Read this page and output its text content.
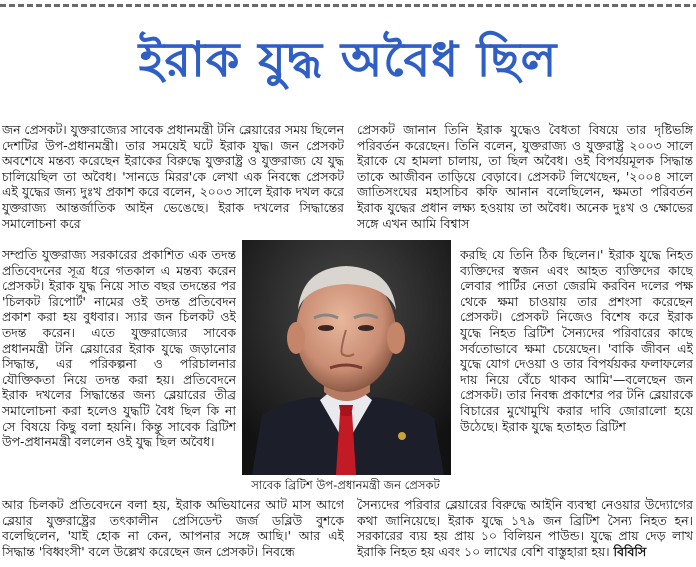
ইরাক যুদ্ধ অবৈধ ছিল

জন প্রেসকট। যুক্তরাজ্যের সাবেক প্রধানমন্ত্রী টনি ব্লেয়ারের সময় ছিলেন দেশটির উপ-প্রধানমন্ত্রী। তার সময়েই ঘটে ইরাক যুদ্ধ। জন প্রেসকট অবশেষে মন্তব্য করেছেন ইরাকের বিরুদ্ধে যুক্তরাষ্ট্র ও যুক্তরাজ্য যে যুদ্ধ চালিয়েছিল তা অবৈধ। 'সানডে মিরর'কে লেখা এক নিবন্ধে প্রেসকট এই যুদ্ধের জন্য দুঃখ প্রকাশ করে বলেন, ২০০৩ সালে ইরাক দখল করে যুক্তরাজ্য আন্তর্জাতিক আইন ভেঙেছে। ইরাক দখলের সিদ্ধান্তের সমালোচনা করে

সম্প্রতি যুক্তরাজ্য সরকারের প্রকাশিত এক তদন্ত প্রতিবেদনের সূত্র ধরে গতকাল এ মন্তব্য করেন প্রেসকট। ইরাক যুদ্ধ নিয়ে সাত বছর তদন্তের পর 'চিলকট রিপোর্ট' নামের ওই তদন্ত প্রতিবেদন প্রকাশ করা হয় বুধবার। স্যার জন চিলকট ওই তদন্ত করেন। এতে যুক্তরাজ্যের সাবেক প্রধানমন্ত্রী টনি ব্লেয়ারের ইরাক যুদ্ধে জড়ানোর সিদ্ধান্ত, এর পরিকল্পনা ও পরিচালনার যৌক্তিকতা নিয়ে তদন্ত করা হয়। প্রতিবেদনে ইরাক দখলের সিদ্ধান্তের জন্য ব্লেয়ারের তীব্র সমালোচনা করা হলেও যুদ্ধটি বৈধ ছিল কি না সে বিষয়ে কিছু বলা হয়নি। কিন্তু সাবেক ব্রিটিশ উপ-প্রধানমন্ত্রী বললেন ওই যুদ্ধ ছিল অবৈধ।

আর চিলকট প্রতিবেদনে বলা হয়, ইরাক অভিযানের আট মাস আগে ব্লেয়ার যুক্তরাষ্ট্রের তৎকালীন প্রেসিডেন্ট জর্জ ডব্লিউ বুশকে বলেছিলেন, 'যাই হোক না কেন, আপনার সঙ্গে আছি।' আর এই সিদ্ধান্ত 'বিধ্বংসী' বলে উল্লেখ করেছেন জন প্রেসকট। নিবন্ধে

প্রেসকট জানান তিনি ইরাক যুদ্ধেও বৈধতা বিষয়ে তার দৃষ্টিভঙ্গি পরিবর্তন করেছেন। তিনি বলেন, যুক্তরাজ্য ও যুক্তরাষ্ট্র ২০০৩ সালে ইরাকে যে হামলা চালায়, তা ছিল অবৈধ। ওই বিপর্যয়মূলক সিদ্ধান্ত তাকে আজীবন তাড়িয়ে বেড়াবে। প্রেসকট লিখেছেন, '২০০৪ সালে জাতিসংঘের মহাসচিব কফি আনান বলেছিলেন, ক্ষমতা পরিবর্তন ইরাক যুদ্ধের প্রধান লক্ষ্য হওয়ায় তা অবৈধ। অনেক দুঃখ ও ক্ষোভের সঙ্গে এখন আমি বিশ্বাস

করছি যে তিনি ঠিক ছিলেন।' ইরাক যুদ্ধে নিহত ব্যক্তিদের স্বজন এবং আহত ব্যক্তিদের কাছে লেবার পার্টির নেতা জেরমি করবিন দলের পক্ষ থেকে ক্ষমা চাওয়ায় তার প্রশংসা করেছেন প্রেসকট। প্রেসকট নিজেও বিশেষ করে ইরাক যুদ্ধে নিহত ব্রিটিশ সৈন্যদের পরিবারের কাছে সর্বতোভাবে ক্ষমা চেয়েছেন। 'বাকি জীবন এই যুদ্ধে যোগ দেওয়া ও তার বিপর্যয়কর ফলাফলের দায় নিয়ে বেঁচে থাকব আমি'—বলেছেন জন প্রেসকট। তার নিবন্ধ প্রকাশের পর টনি ব্লেয়ারকে বিচারের মুখোমুখি করার দাবি জোরালো হয়ে উঠেছে। ইরাক যুদ্ধে হতাহত ব্রিটিশ

সৈন্যদের পরিবার ব্লেয়ারের বিরুদ্ধে আইনি ব্যবস্থা নেওয়ার উদ্যোগের কথা জানিয়েছে। ইরাক যুদ্ধে ১৭৯ জন ব্রিটিশ সৈন্য নিহত হন। সরকারের ব্যয় হয় প্রায় ১০ বিলিয়ন পাউন্ড। যুদ্ধে প্রায় দেড় লাখ ইরাকি নিহত হয় এবং ১০ লাখের বেশি বাস্তুহারা হয়। বিবিসি

সাবেক ব্রিটিশ উপ-প্রধানমন্ত্রী জন প্রেসকট
